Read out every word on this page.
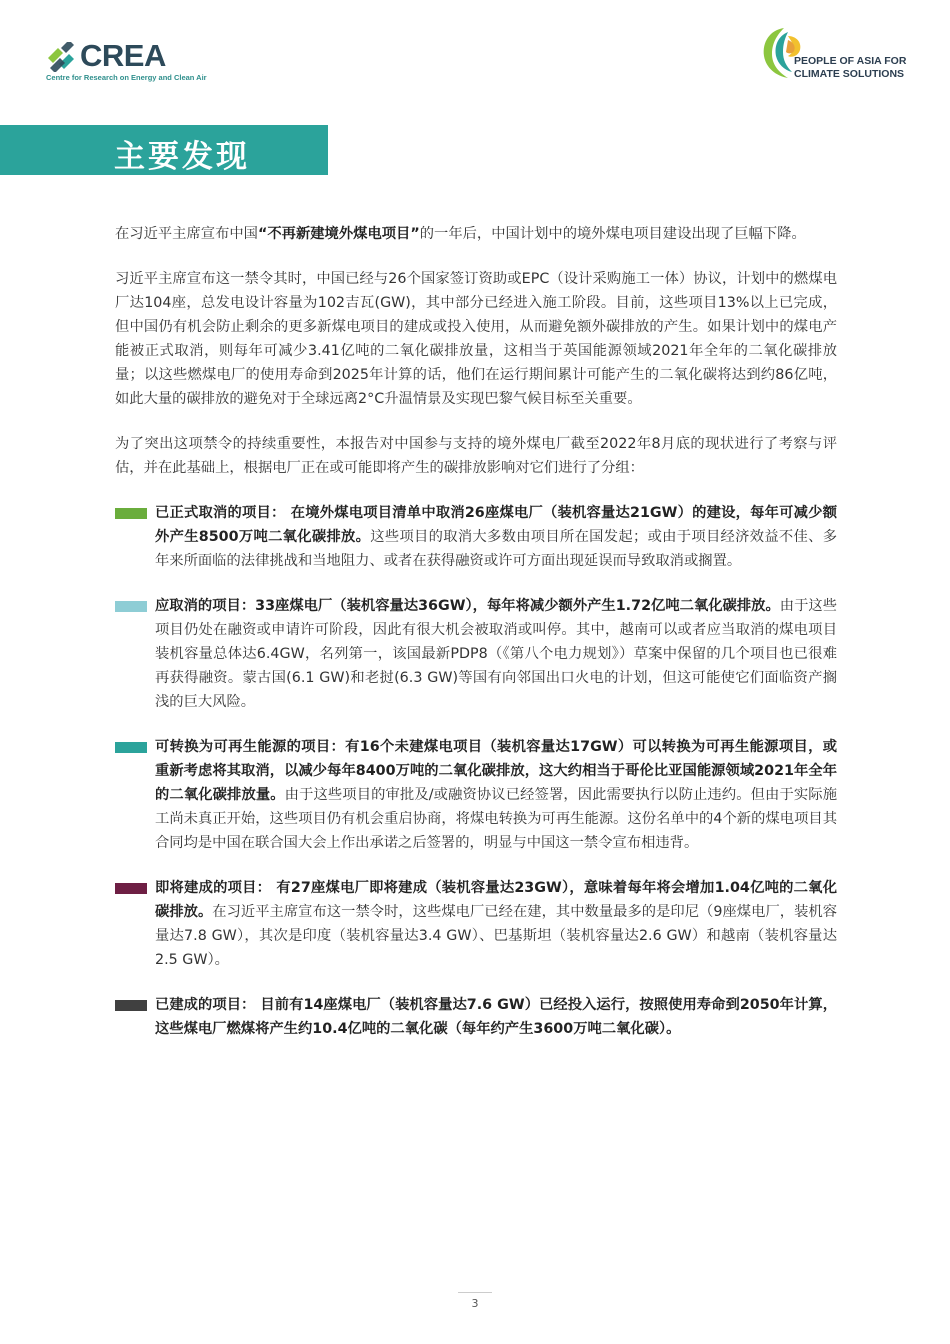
CREA
Centre for Research on Energy and Clean Air
PEOPLE OF ASIA FOR
CLIMATE SOLUTIONS
主要发现

在习近平主席宣布中国“不再新建境外煤电项目”的一年后，中国计划中的境外煤电项目建设出现了巨幅下降。

习近平主席宣布这一禁令其时，中国已经与26个国家签订资助或EPC（设计采购施工一体）协议，计划中的燃煤电厂达104座，总发电设计容量为102吉瓦(GW)，其中部分已经进入施工阶段。目前，这些项目13%以上已完成，但中国仍有机会防止剩余的更多新煤电项目的建成或投入使用，从而避免额外碳排放的产生。如果计划中的煤电产能被正式取消，则每年可减少3.41亿吨的二氧化碳排放量，这相当于英国能源领域2021年全年的二氧化碳排放量；以这些燃煤电厂的使用寿命到2025年计算的话，他们在运行期间累计可能产生的二氧化碳将达到约86亿吨，如此大量的碳排放的避免对于全球远离2°C升温情景及实现巴黎气候目标至关重要。

为了突出这项禁令的持续重要性，本报告对中国参与支持的境外煤电厂截至2022年8月底的现状进行了考察与评估，并在此基础上，根据电厂正在或可能即将产生的碳排放影响对它们进行了分组：

已正式取消的项目： 在境外煤电项目清单中取消26座煤电厂（装机容量达21GW）的建设，每年可减少额外产生8500万吨二氧化碳排放。这些项目的取消大多数由项目所在国发起；或由于项目经济效益不佳、多年来所面临的法律挑战和当地阻力、或者在获得融资或许可方面出现延误而导致取消或搁置。
应取消的项目：33座煤电厂（装机容量达36GW），每年将减少额外产生1.72亿吨二氧化碳排放。由于这些项目仍处在融资或申请许可阶段，因此有很大机会被取消或叫停。其中，越南可以或者应当取消的煤电项目装机容量总体达6.4GW，名列第一，该国最新PDP8（《第八个电力规划》）草案中保留的几个项目也已很难再获得融资。蒙古国(6.1 GW)和老挝(6.3 GW)等国有向邻国出口火电的计划，但这可能使它们面临资产搁浅的巨大风险。
可转换为可再生能源的项目：有16个未建煤电项目（装机容量达17GW）可以转换为可再生能源项目，或重新考虑将其取消，以减少每年8400万吨的二氧化碳排放，这大约相当于哥伦比亚国能源领域2021年全年的二氧化碳排放量。由于这些项目的审批及/或融资协议已经签署，因此需要执行以防止违约。但由于实际施工尚未真正开始，这些项目仍有机会重启协商，将煤电转换为可再生能源。这份名单中的4个新的煤电项目其合同均是中国在联合国大会上作出承诺之后签署的，明显与中国这一禁令宣布相违背。
即将建成的项目： 有27座煤电厂即将建成（装机容量达23GW），意味着每年将会增加1.04亿吨的二氧化碳排放。在习近平主席宣布这一禁令时，这些煤电厂已经在建，其中数量最多的是印尼（9座煤电厂，装机容量达7.8 GW），其次是印度（装机容量达3.4 GW）、巴基斯坦（装机容量达2.6 GW）和越南（装机容量达2.5 GW）。
已建成的项目： 目前有14座煤电厂（装机容量达7.6 GW）已经投入运行，按照使用寿命到2050年计算，这些煤电厂燃煤将产生约10.4亿吨的二氧化碳（每年约产生3600万吨二氧化碳）。
3
